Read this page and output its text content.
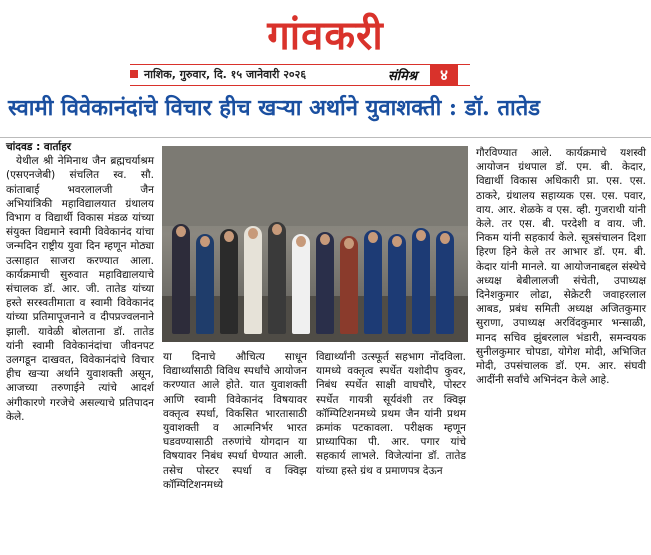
गांवकरी
नाशिक, गुरुवार, दि. १५ जानेवारी २०२६	संमिश्र	४
स्वामी विवेकानंदांचे विचार हीच खऱ्या अर्थाने युवाशक्ती : डॉ. तातेड

चांदवड : वार्ताहर

येथील श्री नेमिनाथ जैन ब्रह्मचर्याश्रम (एसएनजेबी) संचलित स्व. सौ. कांताबाई भवरलालजी जैन अभियांत्रिकी महाविद्यालयात ग्रंथालय विभाग व विद्यार्थी विकास मंडळ यांच्या संयुक्त विद्यमाने स्वामी विवेकानंद यांचा जन्मदिन राष्ट्रीय युवा दिन म्हणून मोठ्या उत्साहात साजरा करण्यात आला. कार्यक्रमाची सुरुवात महाविद्यालयाचे संचालक डॉ. आर. जी. तातेड यांच्या हस्ते सरस्वतीमाता व स्वामी विवेकानंद यांच्या प्रतिमापूजनाने व दीपप्रज्वलनाने झाली. यावेळी बोलताना डॉ. तातेड यांनी स्वामी विवेकानंदांचा जीवनपट उलगडून दाखवत, विवेकानंदांचे विचार हीच खऱ्या अर्थाने युवाशक्ती असून, आजच्या तरुणाईने त्यांचे आदर्श अंगीकारणे गरजेचे असल्याचे प्रतिपादन केले.

या दिनाचे औचित्य साधून विद्यार्थ्यांसाठी विविध स्पर्धांचे आयोजन करण्यात आले होते. यात युवाशक्ती आणि स्वामी विवेकानंद विषयावर वक्तृत्व स्पर्धा, विकसित भारतासाठी युवाशक्ती व आत्मनिर्भर भारत घडवण्यासाठी तरुणांचे योगदान या विषयावर निबंध स्पर्धा घेण्यात आली. तसेच पोस्टर स्पर्धा व क्विझ कॉम्पिटिशनमध्ये

विद्यार्थ्यांनी उत्स्फूर्त सहभाग नोंदविला. यामध्ये वक्तृत्व स्पर्धेत यशोदीप कुवर, निबंध स्पर्धेत साक्षी वाघचौरे, पोस्टर स्पर्धेत गायत्री सूर्यवंशी तर क्विझ कॉम्पिटिशनमध्ये प्रथम जैन यांनी प्रथम क्रमांक पटकावला. परीक्षक म्हणून प्राध्यापिका पी. आर. पगार यांचे सहकार्य लाभले. विजेत्यांना डॉ. तातेड यांच्या हस्ते ग्रंथ व प्रमाणपत्र देऊन

गौरविण्यात आले. कार्यक्रमाचे यशस्वी आयोजन ग्रंथपाल डॉ. एम. बी. केदार, विद्यार्थी विकास अधिकारी प्रा. एस. एस. ठाकरे, ग्रंथालय सहाय्यक एस. एस. पवार, वाय. आर. शेळके व एस. व्ही. गुजराथी यांनी केले. तर एस. बी. परदेशी व वाय. जी. निकम यांनी सहकार्य केले. सूत्रसंचालन दिशा हिरण हिने केले तर आभार डॉ. एम. बी. केदार यांनी मानले. या आयोजनाबद्दल संस्थेचे अध्यक्ष बेबीलालजी संचेती, उपाध्यक्ष दिनेशकुमार लोढा, सेक्रेटरी जवाहरलाल आबड, प्रबंध समिती अध्यक्ष अजितकुमार सुराणा, उपाध्यक्ष अरविंदकुमार भन्साळी, मानद सचिव झुंबरलाल भंडारी, समन्वयक सुनीलकुमार चोपडा, योगेश मोदी, अभिजित मोदी, उपसंचालक डॉ. एम. आर. संघवी आदींनी सर्वांचे अभिनंदन केले आहे.
